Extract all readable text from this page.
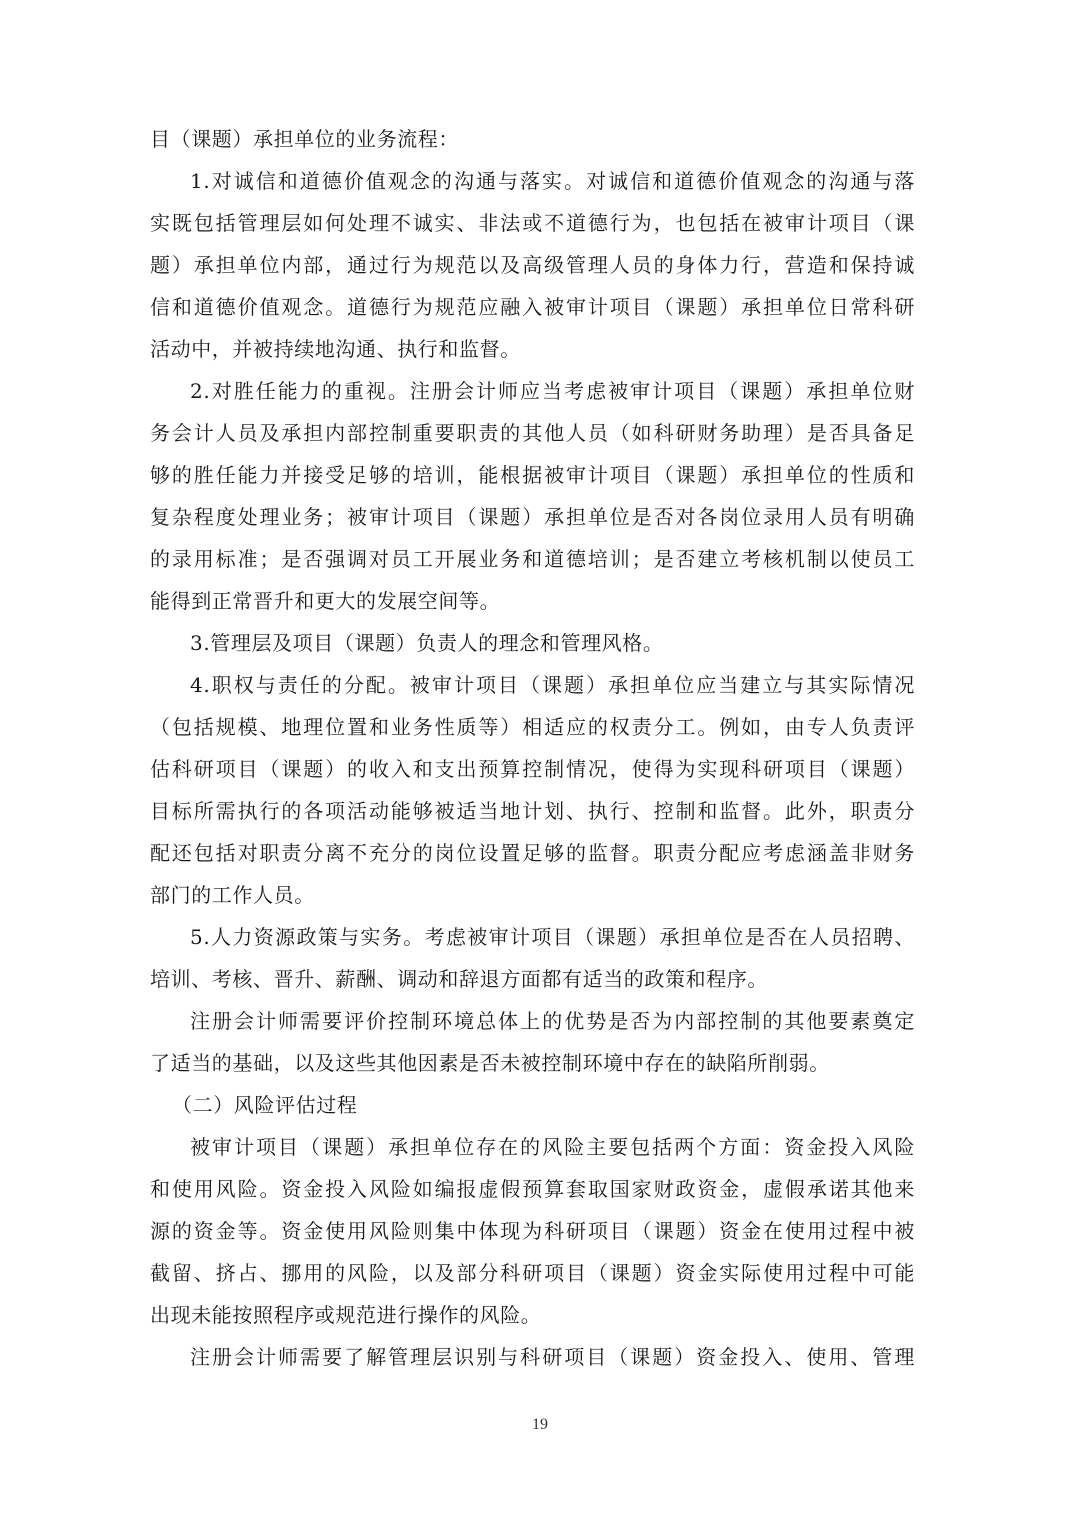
目（课题）承担单位的业务流程：
1.对诚信和道德价值观念的沟通与落实。对诚信和道德价值观念的沟通与落
实既包括管理层如何处理不诚实、非法或不道德行为，也包括在被审计项目（课
题）承担单位内部，通过行为规范以及高级管理人员的身体力行，营造和保持诚
信和道德价值观念。道德行为规范应融入被审计项目（课题）承担单位日常科研
活动中，并被持续地沟通、执行和监督。
2.对胜任能力的重视。注册会计师应当考虑被审计项目（课题）承担单位财
务会计人员及承担内部控制重要职责的其他人员（如科研财务助理）是否具备足
够的胜任能力并接受足够的培训，能根据被审计项目（课题）承担单位的性质和
复杂程度处理业务；被审计项目（课题）承担单位是否对各岗位录用人员有明确
的录用标准；是否强调对员工开展业务和道德培训；是否建立考核机制以使员工
能得到正常晋升和更大的发展空间等。
3.管理层及项目（课题）负责人的理念和管理风格。
4.职权与责任的分配。被审计项目（课题）承担单位应当建立与其实际情况
（包括规模、地理位置和业务性质等）相适应的权责分工。例如，由专人负责评
估科研项目（课题）的收入和支出预算控制情况，使得为实现科研项目（课题）
目标所需执行的各项活动能够被适当地计划、执行、控制和监督。此外，职责分
配还包括对职责分离不充分的岗位设置足够的监督。职责分配应考虑涵盖非财务
部门的工作人员。
5.人力资源政策与实务。考虑被审计项目（课题）承担单位是否在人员招聘、
培训、考核、晋升、薪酬、调动和辞退方面都有适当的政策和程序。
注册会计师需要评价控制环境总体上的优势是否为内部控制的其他要素奠定
了适当的基础，以及这些其他因素是否未被控制环境中存在的缺陷所削弱。
（二）风险评估过程
被审计项目（课题）承担单位存在的风险主要包括两个方面：资金投入风险
和使用风险。资金投入风险如编报虚假预算套取国家财政资金，虚假承诺其他来
源的资金等。资金使用风险则集中体现为科研项目（课题）资金在使用过程中被
截留、挤占、挪用的风险，以及部分科研项目（课题）资金实际使用过程中可能
出现未能按照程序或规范进行操作的风险。
注册会计师需要了解管理层识别与科研项目（课题）资金投入、使用、管理
19
